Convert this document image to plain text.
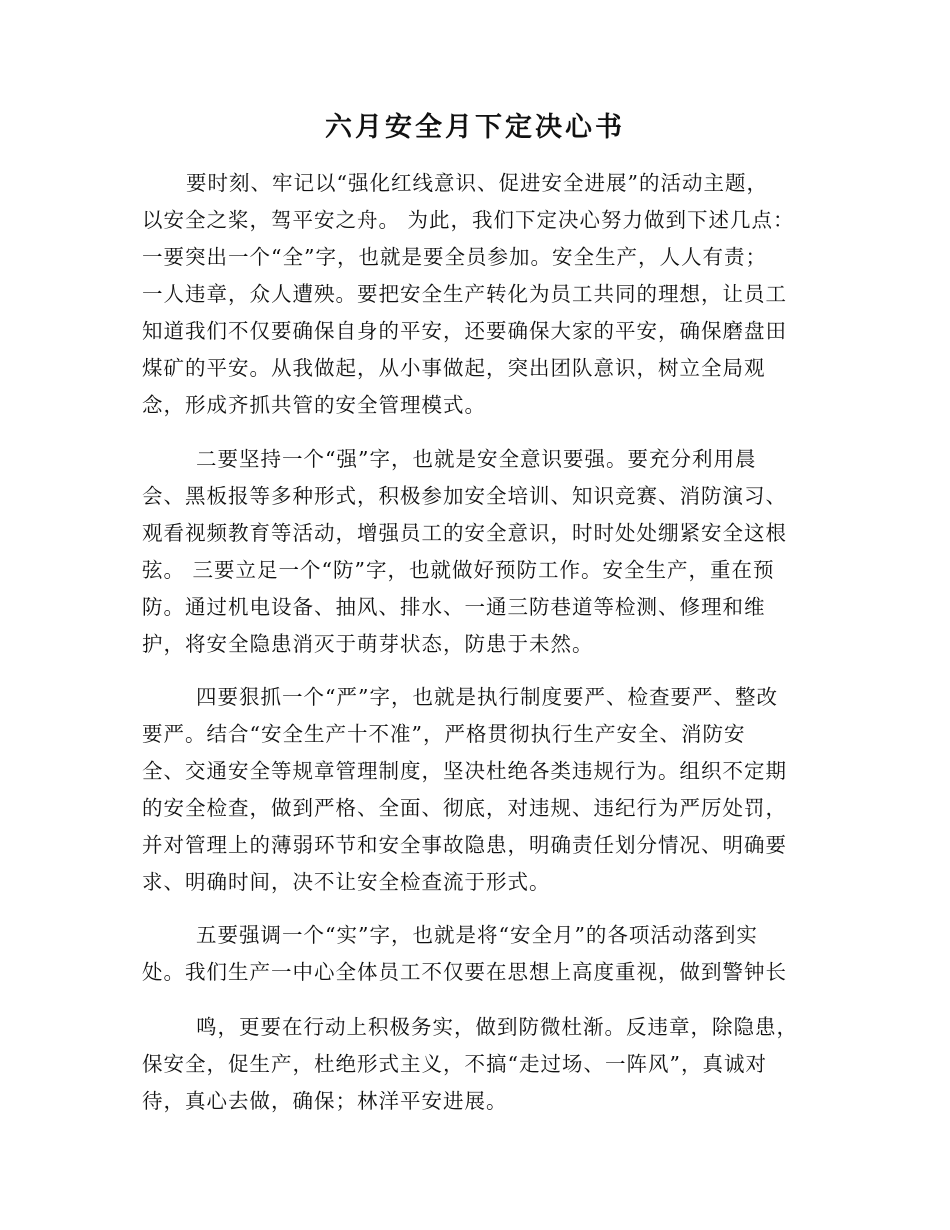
六月安全月下定决心书
要时刻、牢记以“强化红线意识、促进安全进展”的活动主题，
以安全之桨，驾平安之舟。 为此，我们下定决心努力做到下述几点：
一要突出一个“全”字，也就是要全员参加。安全生产，人人有责；
一人违章，众人遭殃。要把安全生产转化为员工共同的理想，让员工
知道我们不仅要确保自身的平安，还要确保大家的平安，确保磨盘田
煤矿的平安。从我做起，从小事做起，突出团队意识，树立全局观
念，形成齐抓共管的安全管理模式。
二要坚持一个“强”字，也就是安全意识要强。要充分利用晨
会、黑板报等多种形式，积极参加安全培训、知识竞赛、消防演习、
观看视频教育等活动，增强员工的安全意识，时时处处绷紧安全这根
弦。 三要立足一个“防”字，也就做好预防工作。安全生产，重在预
防。通过机电设备、抽风、排水、一通三防巷道等检测、修理和维
护，将安全隐患消灭于萌芽状态，防患于未然。
四要狠抓一个“严”字，也就是执行制度要严、检查要严、整改
要严。结合“安全生产十不准”，严格贯彻执行生产安全、消防安
全、交通安全等规章管理制度，坚决杜绝各类违规行为。组织不定期
的安全检查，做到严格、全面、彻底，对违规、违纪行为严厉处罚，
并对管理上的薄弱环节和安全事故隐患，明确责任划分情况、明确要
求、明确时间，决不让安全检查流于形式。
五要强调一个“实”字，也就是将“安全月”的各项活动落到实
处。我们生产一中心全体员工不仅要在思想上高度重视，做到警钟长
鸣，更要在行动上积极务实，做到防微杜渐。反违章，除隐患，
保安全，促生产，杜绝形式主义，不搞“走过场、一阵风”，真诚对
待，真心去做，确保；林洋平安进展。
